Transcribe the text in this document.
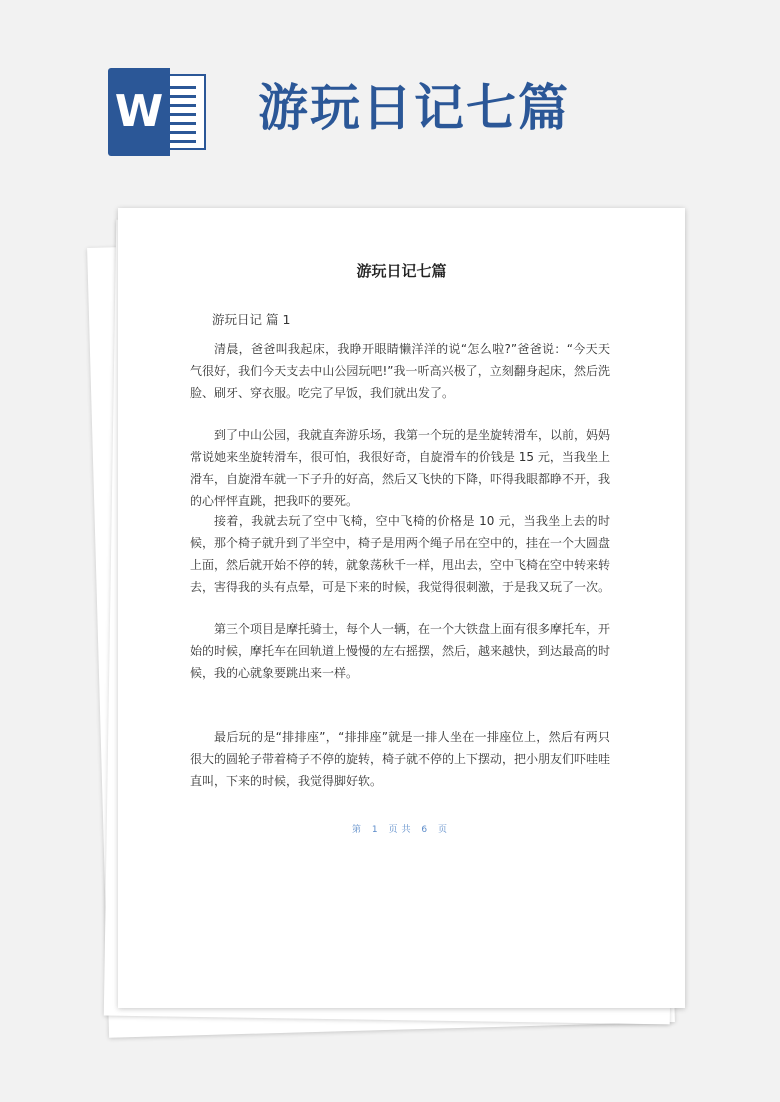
W 游玩日记七篇
游玩日记七篇
游玩日记 篇 1
清晨，爸爸叫我起床，我睁开眼睛懒洋洋的说“怎么啦?”爸爸说：“今天天气很好，我们今天支去中山公园玩吧!”我一听高兴极了，立刻翻身起床，然后洗脸、刷牙、穿衣服。吃完了早饭，我们就出发了。
到了中山公园，我就直奔游乐场，我第一个玩的是坐旋转滑车，以前，妈妈常说她来坐旋转滑车，很可怕，我很好奇，自旋滑车的价钱是 15 元，当我坐上滑车，自旋滑车就一下子升的好高，然后又飞快的下降，吓得我眼都睁不开，我的心怦怦直跳，把我吓的要死。
接着，我就去玩了空中飞椅，空中飞椅的价格是 10 元，当我坐上去的时候，那个椅子就升到了半空中，椅子是用两个绳子吊在空中的，挂在一个大圆盘上面，然后就开始不停的转，就象荡秋千一样，甩出去，空中飞椅在空中转来转去，害得我的头有点晕，可是下来的时候，我觉得很刺激，于是我又玩了一次。
第三个项目是摩托骑士，每个人一辆，在一个大铁盘上面有很多摩托车，开始的时候，摩托车在回轨道上慢慢的左右摇摆，然后，越来越快，到达最高的时候，我的心就象要跳出来一样。
最后玩的是“排排座”，“排排座”就是一排人坐在一排座位上，然后有两只很大的圆轮子带着椅子不停的旋转，椅子就不停的上下摆动，把小朋友们吓哇哇直叫，下来的时候，我觉得脚好软。
第 1 页共 6 页
